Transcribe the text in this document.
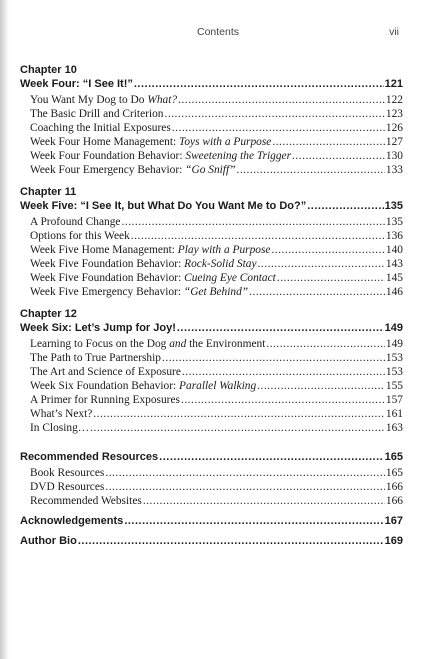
Contents	vii
Chapter 10
Week Four: “I See It!” .....	121
You Want My Dog to Do What? .....	122
The Basic Drill and Criterion .....	123
Coaching the Initial Exposures .....	126
Week Four Home Management: Toys with a Purpose .....	127
Week Four Foundation Behavior: Sweetening the Trigger .....	130
Week Four Emergency Behavior: “Go Sniff” .....	133
Chapter 11
Week Five: “I See It, but What Do You Want Me to Do?” .....	135
A Profound Change .....	135
Options for this Week .....	136
Week Five Home Management: Play with a Purpose .....	140
Week Five Foundation Behavior: Rock-Solid Stay .....	143
Week Five Foundation Behavior: Cueing Eye Contact .....	145
Week Five Emergency Behavior: “Get Behind” .....	146
Chapter 12
Week Six: Let’s Jump for Joy! .....	149
Learning to Focus on the Dog and the Environment .....	149
The Path to True Partnership .....	153
The Art and Science of Exposure .....	153
Week Six Foundation Behavior: Parallel Walking .....	155
A Primer for Running Exposures .....	157
What’s Next? .....	161
In Closing… .....	163
Recommended Resources .....	165
Book Resources .....	165
DVD Resources .....	166
Recommended Websites .....	166
Acknowledgements .....	167
Author Bio .....	169
